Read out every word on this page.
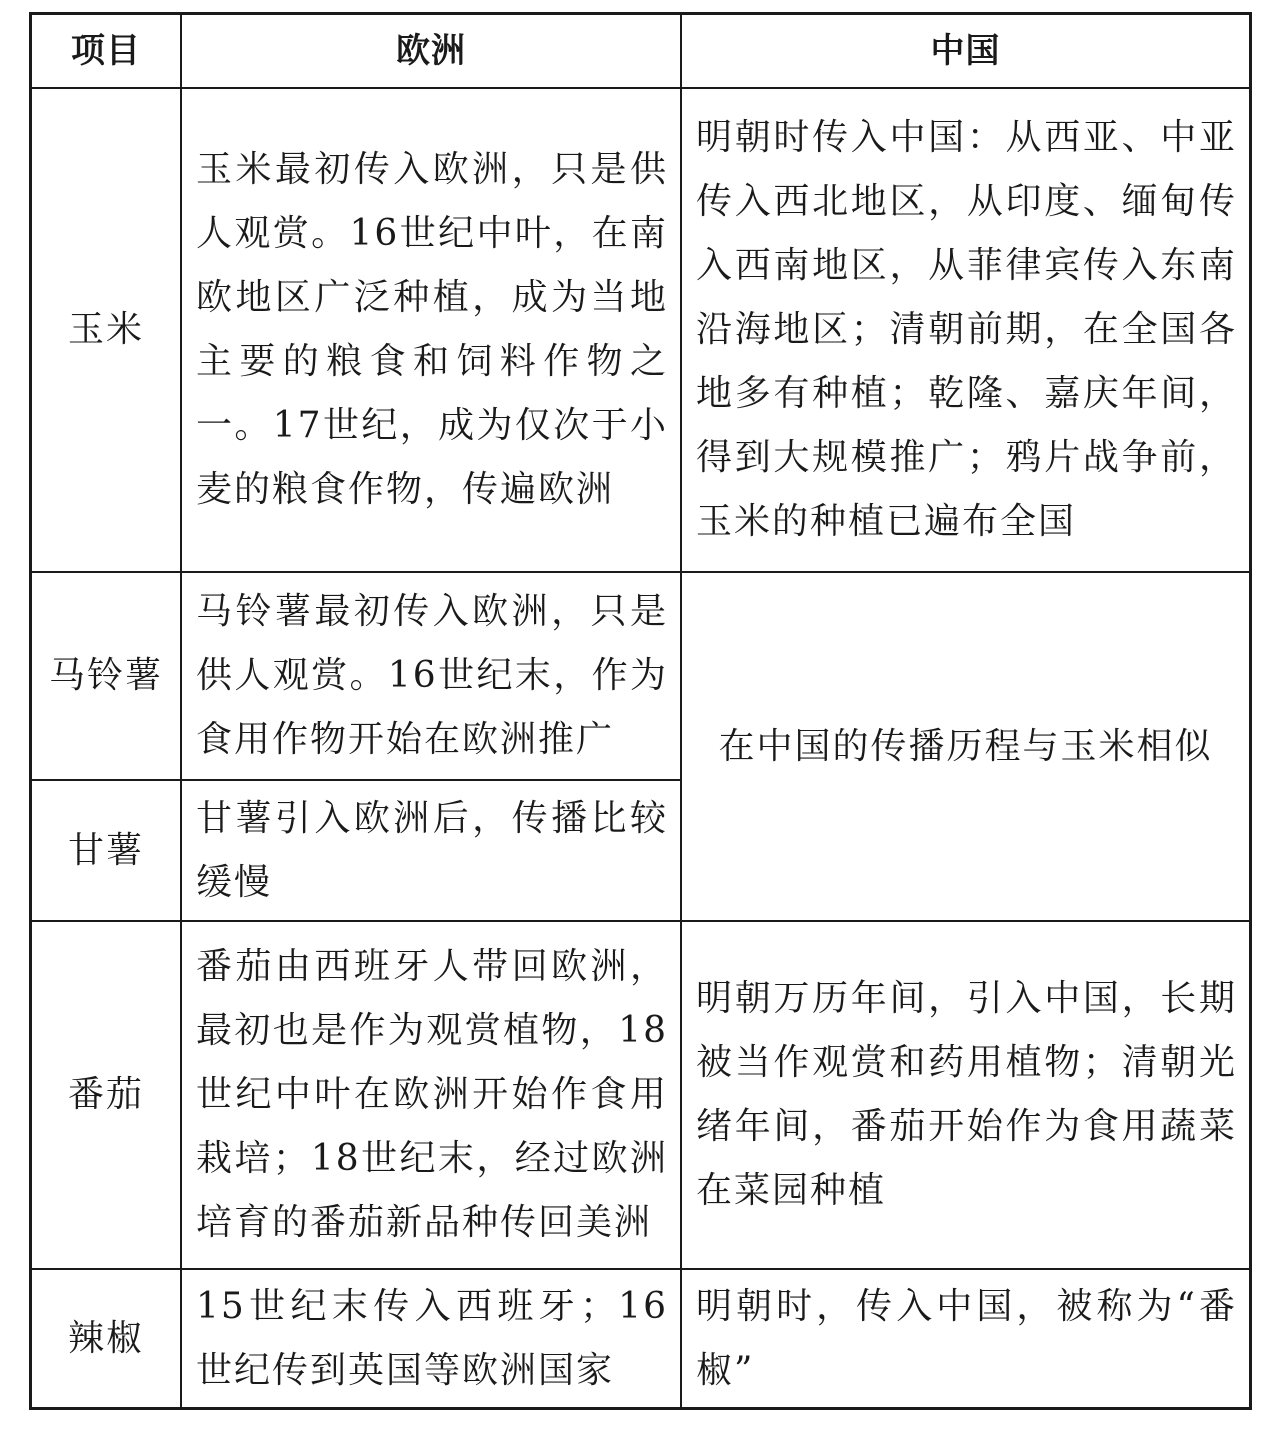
项目	欧洲	中国
玉米
玉米最初传入欧洲，只是供人观赏。16世纪中叶，在南欧地区广泛种植，成为当地主要的粮食和饲料作物之一。17世纪，成为仅次于小麦的粮食作物，传遍欧洲
明朝时传入中国：从西亚、中亚传入西北地区，从印度、缅甸传入西南地区，从菲律宾传入东南沿海地区；清朝前期，在全国各地多有种植；乾隆、嘉庆年间，得到大规模推广；鸦片战争前，玉米的种植已遍布全国
马铃薯
马铃薯最初传入欧洲，只是供人观赏。16世纪末，作为食用作物开始在欧洲推广
甘薯
甘薯引入欧洲后，传播比较缓慢
在中国的传播历程与玉米相似
番茄
番茄由西班牙人带回欧洲，最初也是作为观赏植物，18世纪中叶在欧洲开始作食用栽培；18世纪末，经过欧洲培育的番茄新品种传回美洲
明朝万历年间，引入中国，长期被当作观赏和药用植物；清朝光绪年间，番茄开始作为食用蔬菜在菜园种植
辣椒
15世纪末传入西班牙；16世纪传到英国等欧洲国家
明朝时，传入中国，被称为“番椒”
